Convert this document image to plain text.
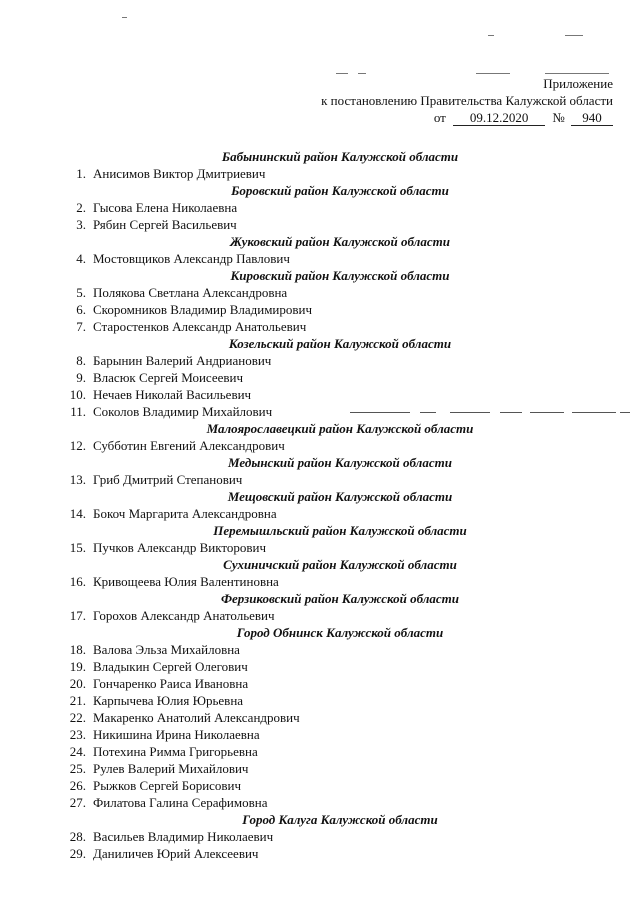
Приложение
к постановлению Правительства Калужской области
от 09.12.2020 № 940
Бабынинский район Калужской области
1. Анисимов Виктор Дмитриевич
Боровский район Калужской области
2. Гысова Елена Николаевна
3. Рябин Сергей Васильевич
Жуковский район Калужской области
4. Мостовщиков Александр Павлович
Кировский район Калужской области
5. Полякова Светлана Александровна
6. Скоромников Владимир Владимирович
7. Старостенков Александр Анатольевич
Козельский район Калужской области
8. Барынин Валерий Андрианович
9. Власюк Сергей Моисеевич
10. Нечаев Николай Васильевич
11. Соколов Владимир Михайлович
Малоярославецкий район Калужской области
12. Субботин Евгений Александрович
Медынский район Калужской области
13. Гриб Дмитрий Степанович
Мещовский район Калужской области
14. Бокоч Маргарита Александровна
Перемышльский район Калужской области
15. Пучков Александр Викторович
Сухиничский район Калужской области
16. Кривощеева Юлия Валентиновна
Ферзиковский район Калужской области
17. Горохов Александр Анатольевич
Город Обнинск Калужской области
18. Валова Эльза Михайловна
19. Владыкин Сергей Олегович
20. Гончаренко Раиса Ивановна
21. Карпычева Юлия Юрьевна
22. Макаренко Анатолий Александрович
23. Никишина Ирина Николаевна
24. Потехина Римма Григорьевна
25. Рулев Валерий Михайлович
26. Рыжков Сергей Борисович
27. Филатова Галина Серафимовна
Город Калуга Калужской области
28. Васильев Владимир Николаевич
29. Даниличев Юрий Алексеевич
